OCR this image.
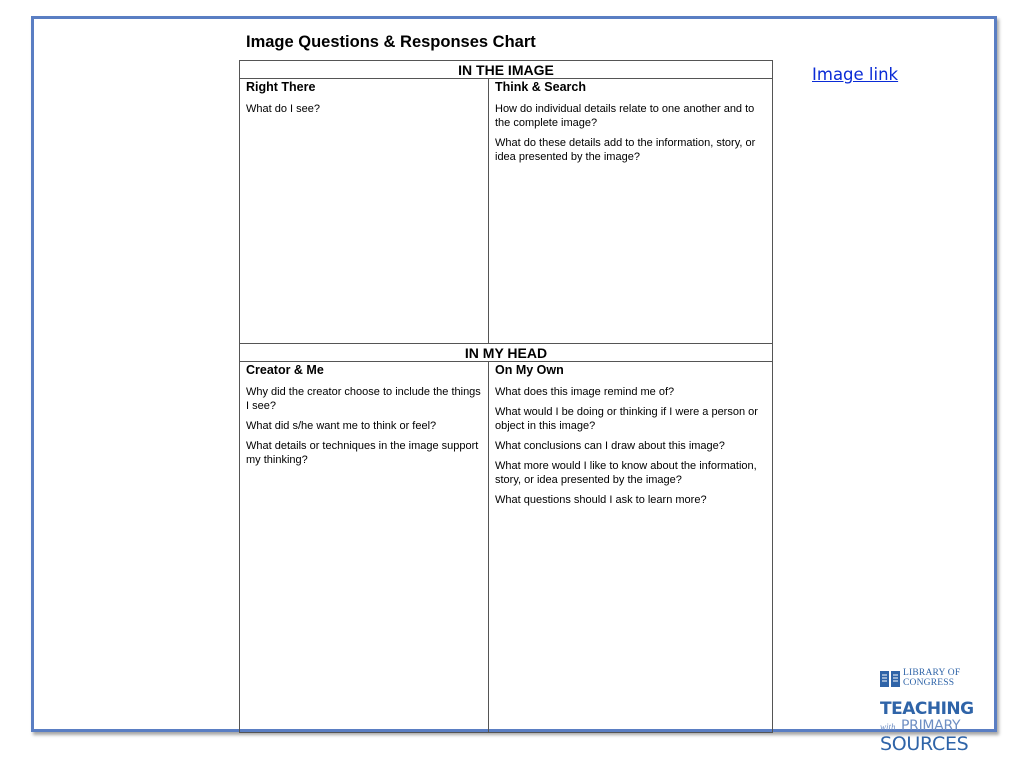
Image Questions & Responses Chart
Image link
IN THE IMAGE
IN MY HEAD
Right There
What do I see?
Think & Search
How do individual details relate to one another and to the complete image?
What do these details add to the information, story, or idea presented by the image?
Creator & Me
Why did the creator choose to include the things I see?
What did s/he want me to think or feel?
What details or techniques in the image support my thinking?
On My Own
What does this image remind me of?
What would I be doing or thinking if I were a person or object in this image?
What conclusions can I draw about this image?
What more would I like to know about the information, story, or idea presented by the image?
What questions should I ask to learn more?
LIBRARY OF
CONGRESS
TEACHING
with PRIMARY
SOURCES
